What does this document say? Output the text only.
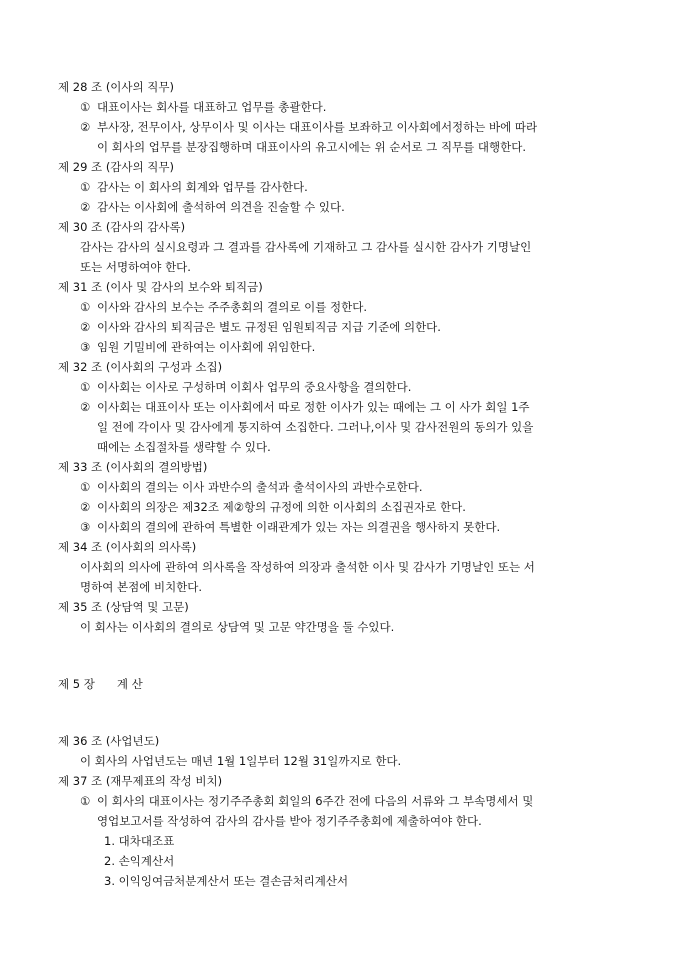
제 28 조 (이사의 직무)
① 대표이사는 회사를 대표하고 업무를 총괄한다.
② 부사장, 전무이사, 상무이사 및 이사는 대표이사를 보좌하고 이사회에서정하는 바에 따라
이 회사의 업무를 분장집행하며 대표이사의 유고시에는 위 순서로 그 직무를 대행한다.
제 29 조 (감사의 직무)
① 감사는 이 회사의 회계와 업무를 감사한다.
② 감사는 이사회에 출석하여 의견을 진술할 수 있다.
제 30 조 (감사의 감사록)
감사는 감사의 실시요령과 그 결과를 감사록에 기재하고 그 감사를 실시한 감사가 기명날인
또는 서명하여야 한다.
제 31 조 (이사 및 감사의 보수와 퇴직금)
① 이사와 감사의 보수는 주주총회의 결의로 이를 정한다.
② 이사와 감사의 퇴직금은 별도 규정된 임원퇴직금 지급 기준에 의한다.
③ 임원 기밀비에 관하여는 이사회에 위임한다.
제 32 조 (이사회의 구성과 소집)
① 이사회는 이사로 구성하며 이회사 업무의 중요사항을 결의한다.
② 이사회는 대표이사 또는 이사회에서 따로 정한 이사가 있는 때에는 그 이 사가 회일 1주
일 전에 각이사 및 감사에게 통지하여 소집한다. 그러나,이사 및 감사전원의 동의가 있을
때에는 소집절차를 생략할 수 있다.
제 33 조 (이사회의 결의방법)
① 이사회의 결의는 이사 과반수의 출석과 출석이사의 과반수로한다.
② 이사회의 의장은 제32조 제②항의 규정에 의한 이사회의 소집권자로 한다.
③ 이사회의 결의에 관하여 특별한 이래관계가 있는 자는 의결권을 행사하지 못한다.
제 34 조 (이사회의 의사록)
이사회의 의사에 관하여 의사록을 작성하여 의장과 출석한 이사 및 감사가 기명날인 또는 서
명하여 본점에 비치한다.
제 35 조 (상담역 및 고문)
이 회사는 이사회의 결의로 상담역 및 고문 약간명을 둘 수있다.
제 5 장 계 산
제 36 조 (사업년도)
이 회사의 사업년도는 매년 1월 1일부터 12월 31일까지로 한다.
제 37 조 (재무제표의 작성 비치)
① 이 회사의 대표이사는 정기주주총회 회일의 6주간 전에 다음의 서류와 그 부속명세서 및
영업보고서를 작성하여 감사의 감사를 받아 정기주주총회에 제출하여야 한다.
1. 대차대조표
2. 손익계산서
3. 이익잉여금처분계산서 또는 결손금처리계산서
